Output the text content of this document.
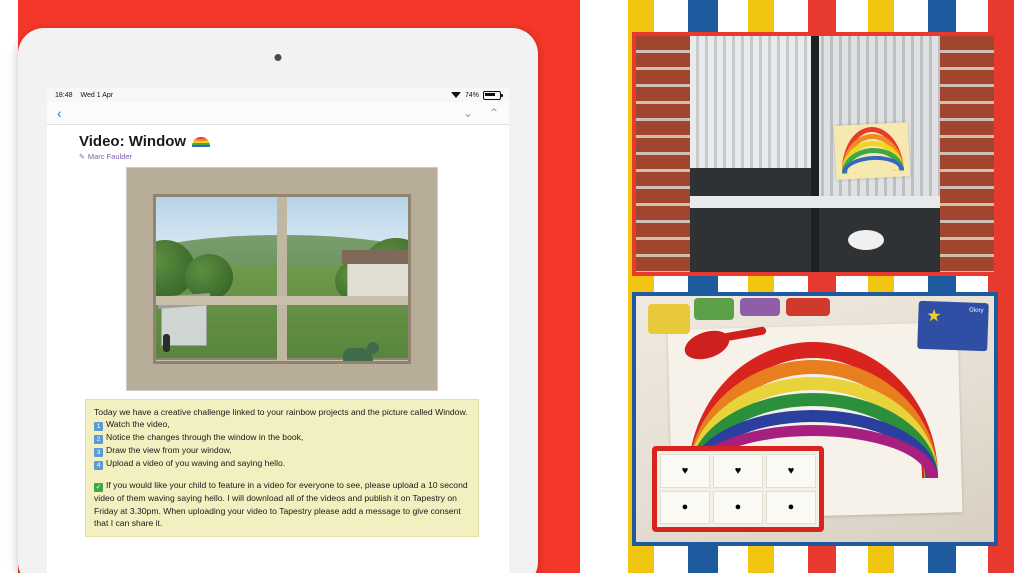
18:48 Wed 1 Apr	74%
‹	⌄ ⌃
Video: Window
✎ Marc Faulder

Today we have a creative challenge linked to your rainbow projects and the picture called Window.

1 Watch the video,

2 Notice the changes through the window in the book,

3 Draw the view from your window,

4 Upload a video of you waving and saying hello.

✓ If you would like your child to feature in a video for everyone to see, please upload a 10 second video of them waving saying hello. I will download all of the videos and publish it on Tapestry on Friday at 3.30pm. When uploading your video to Tapestry please add a message to give consent that I can share it.

♥	♥	♥
●	●	●
★	Glory
